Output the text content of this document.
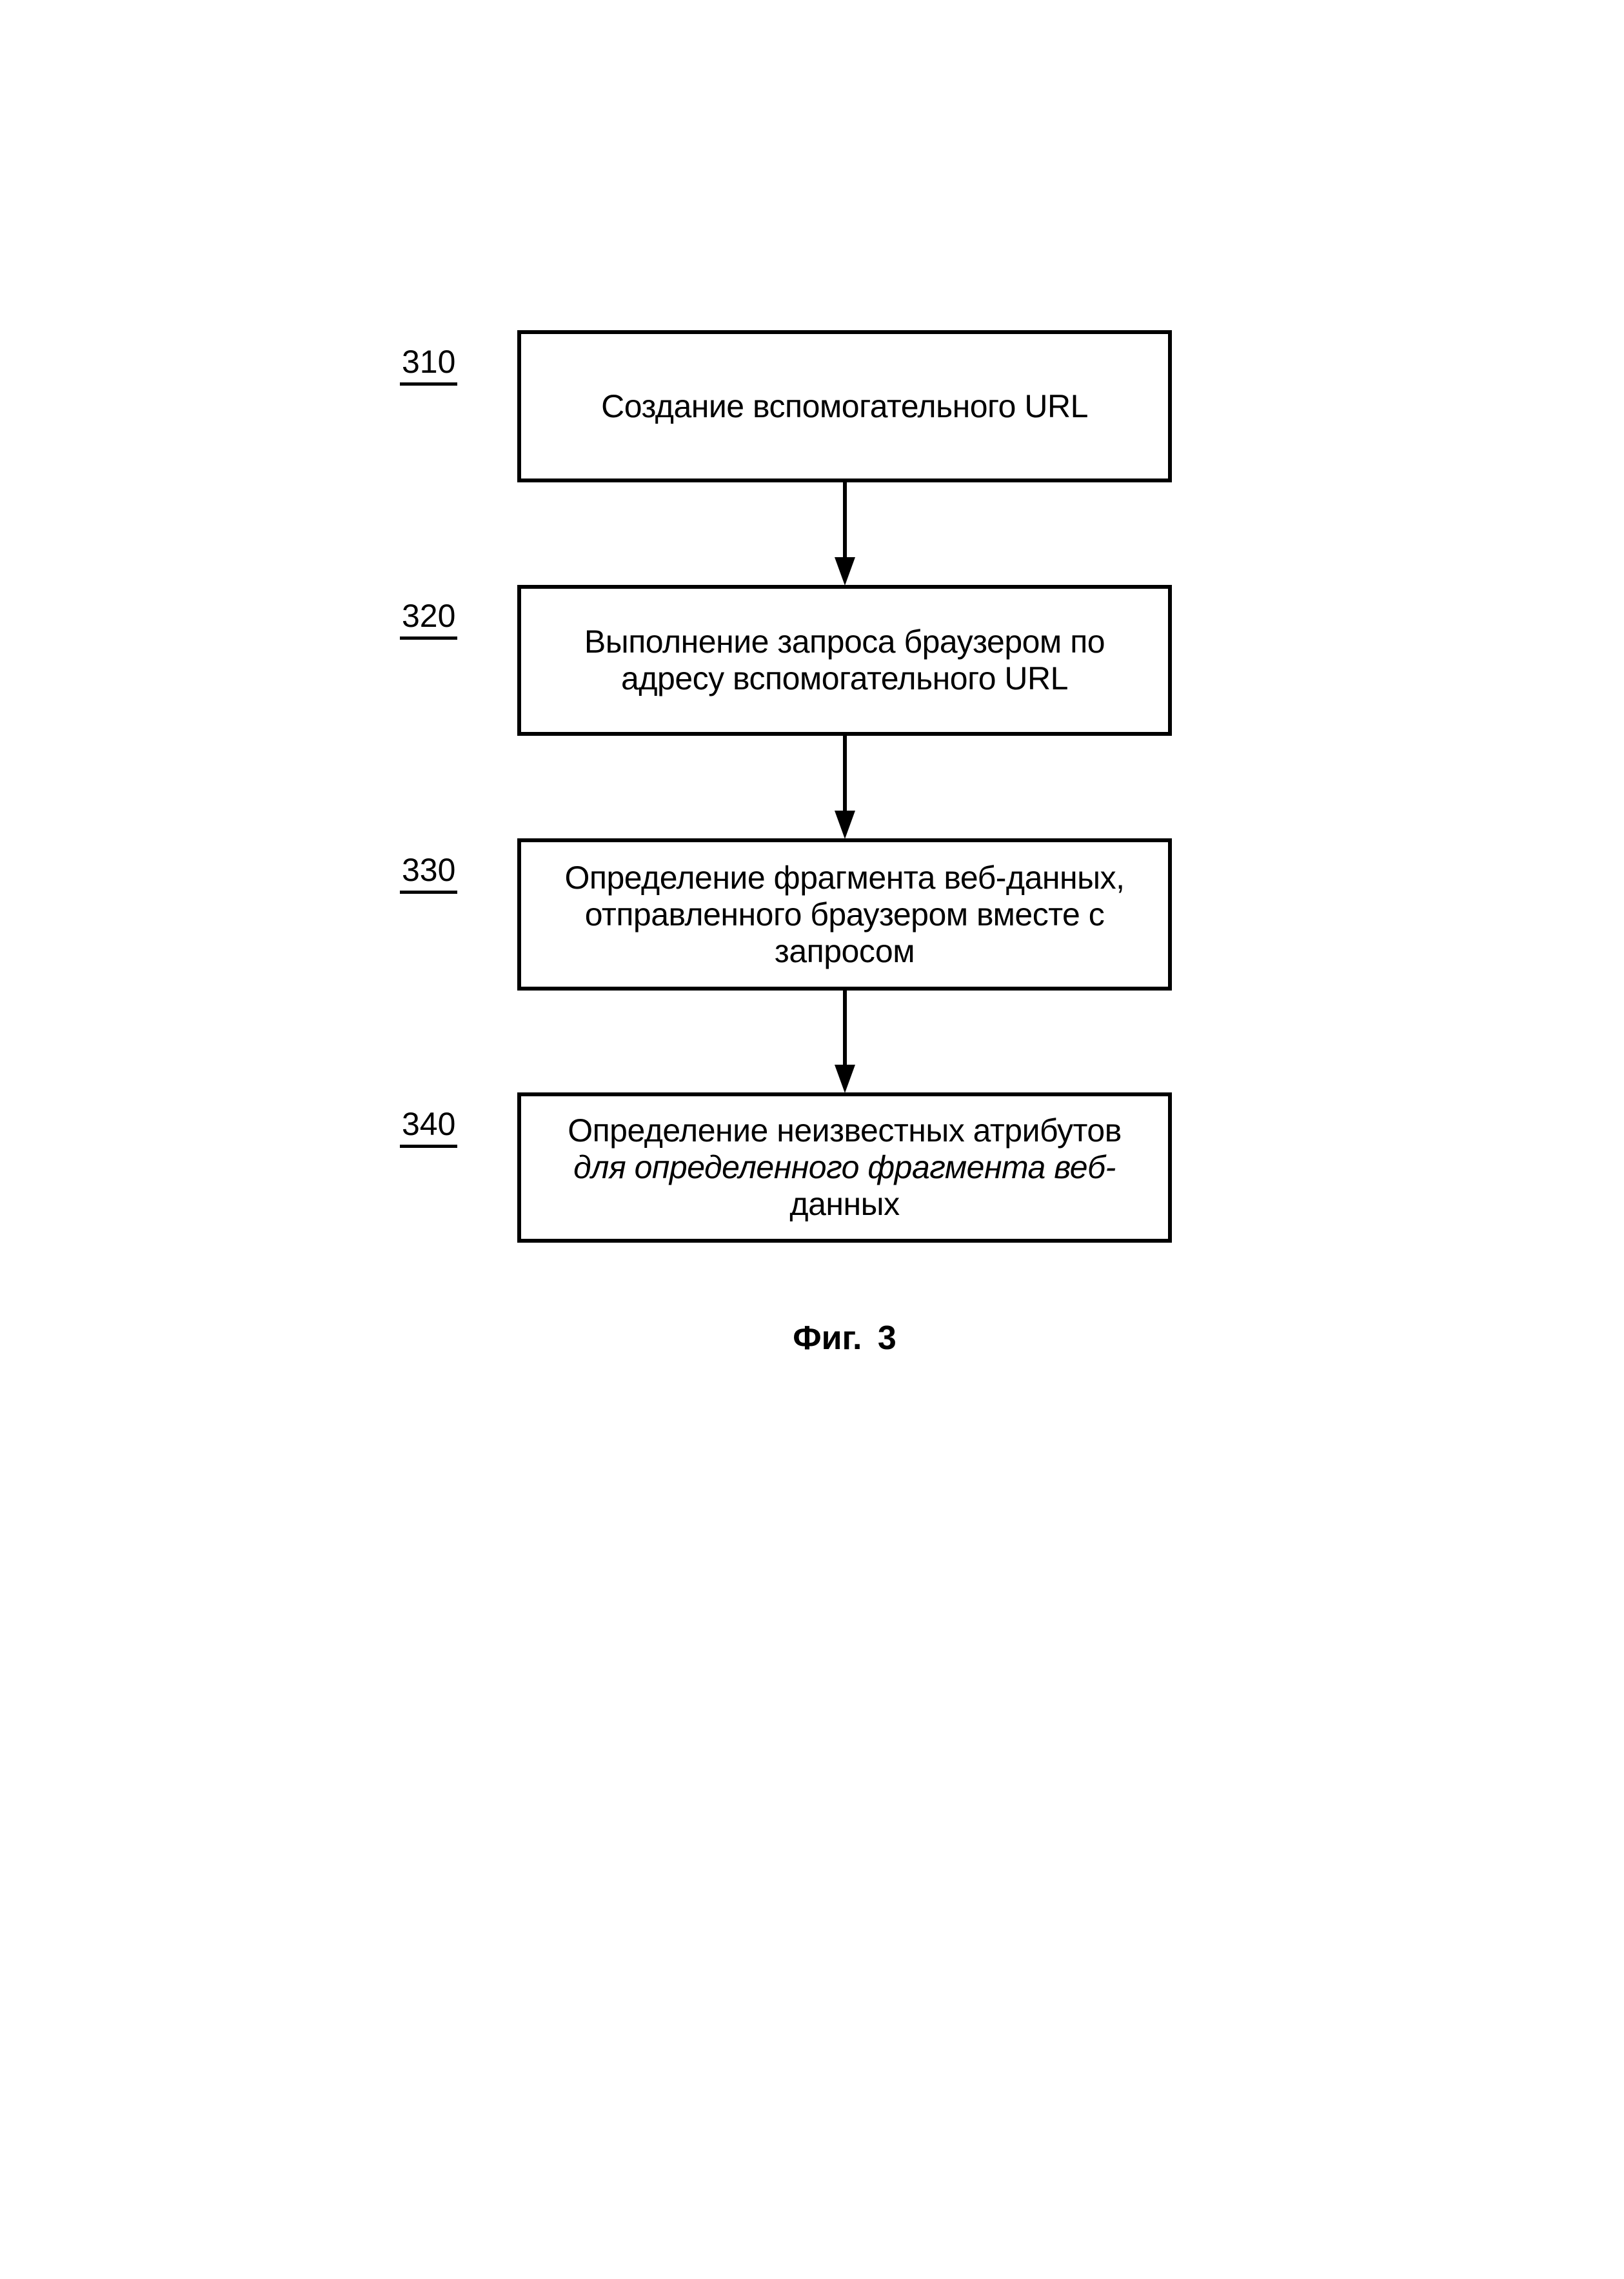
310
Создание вспомогательного URL
320
Выполнение запроса браузером по
адресу вспомогательного URL
330	Определение фрагмента веб-данных,
отправленного браузером вместе с
запросом
340	Определение неизвестных атрибутов
для определенного фрагмента веб-
данных
Фиг. 3
